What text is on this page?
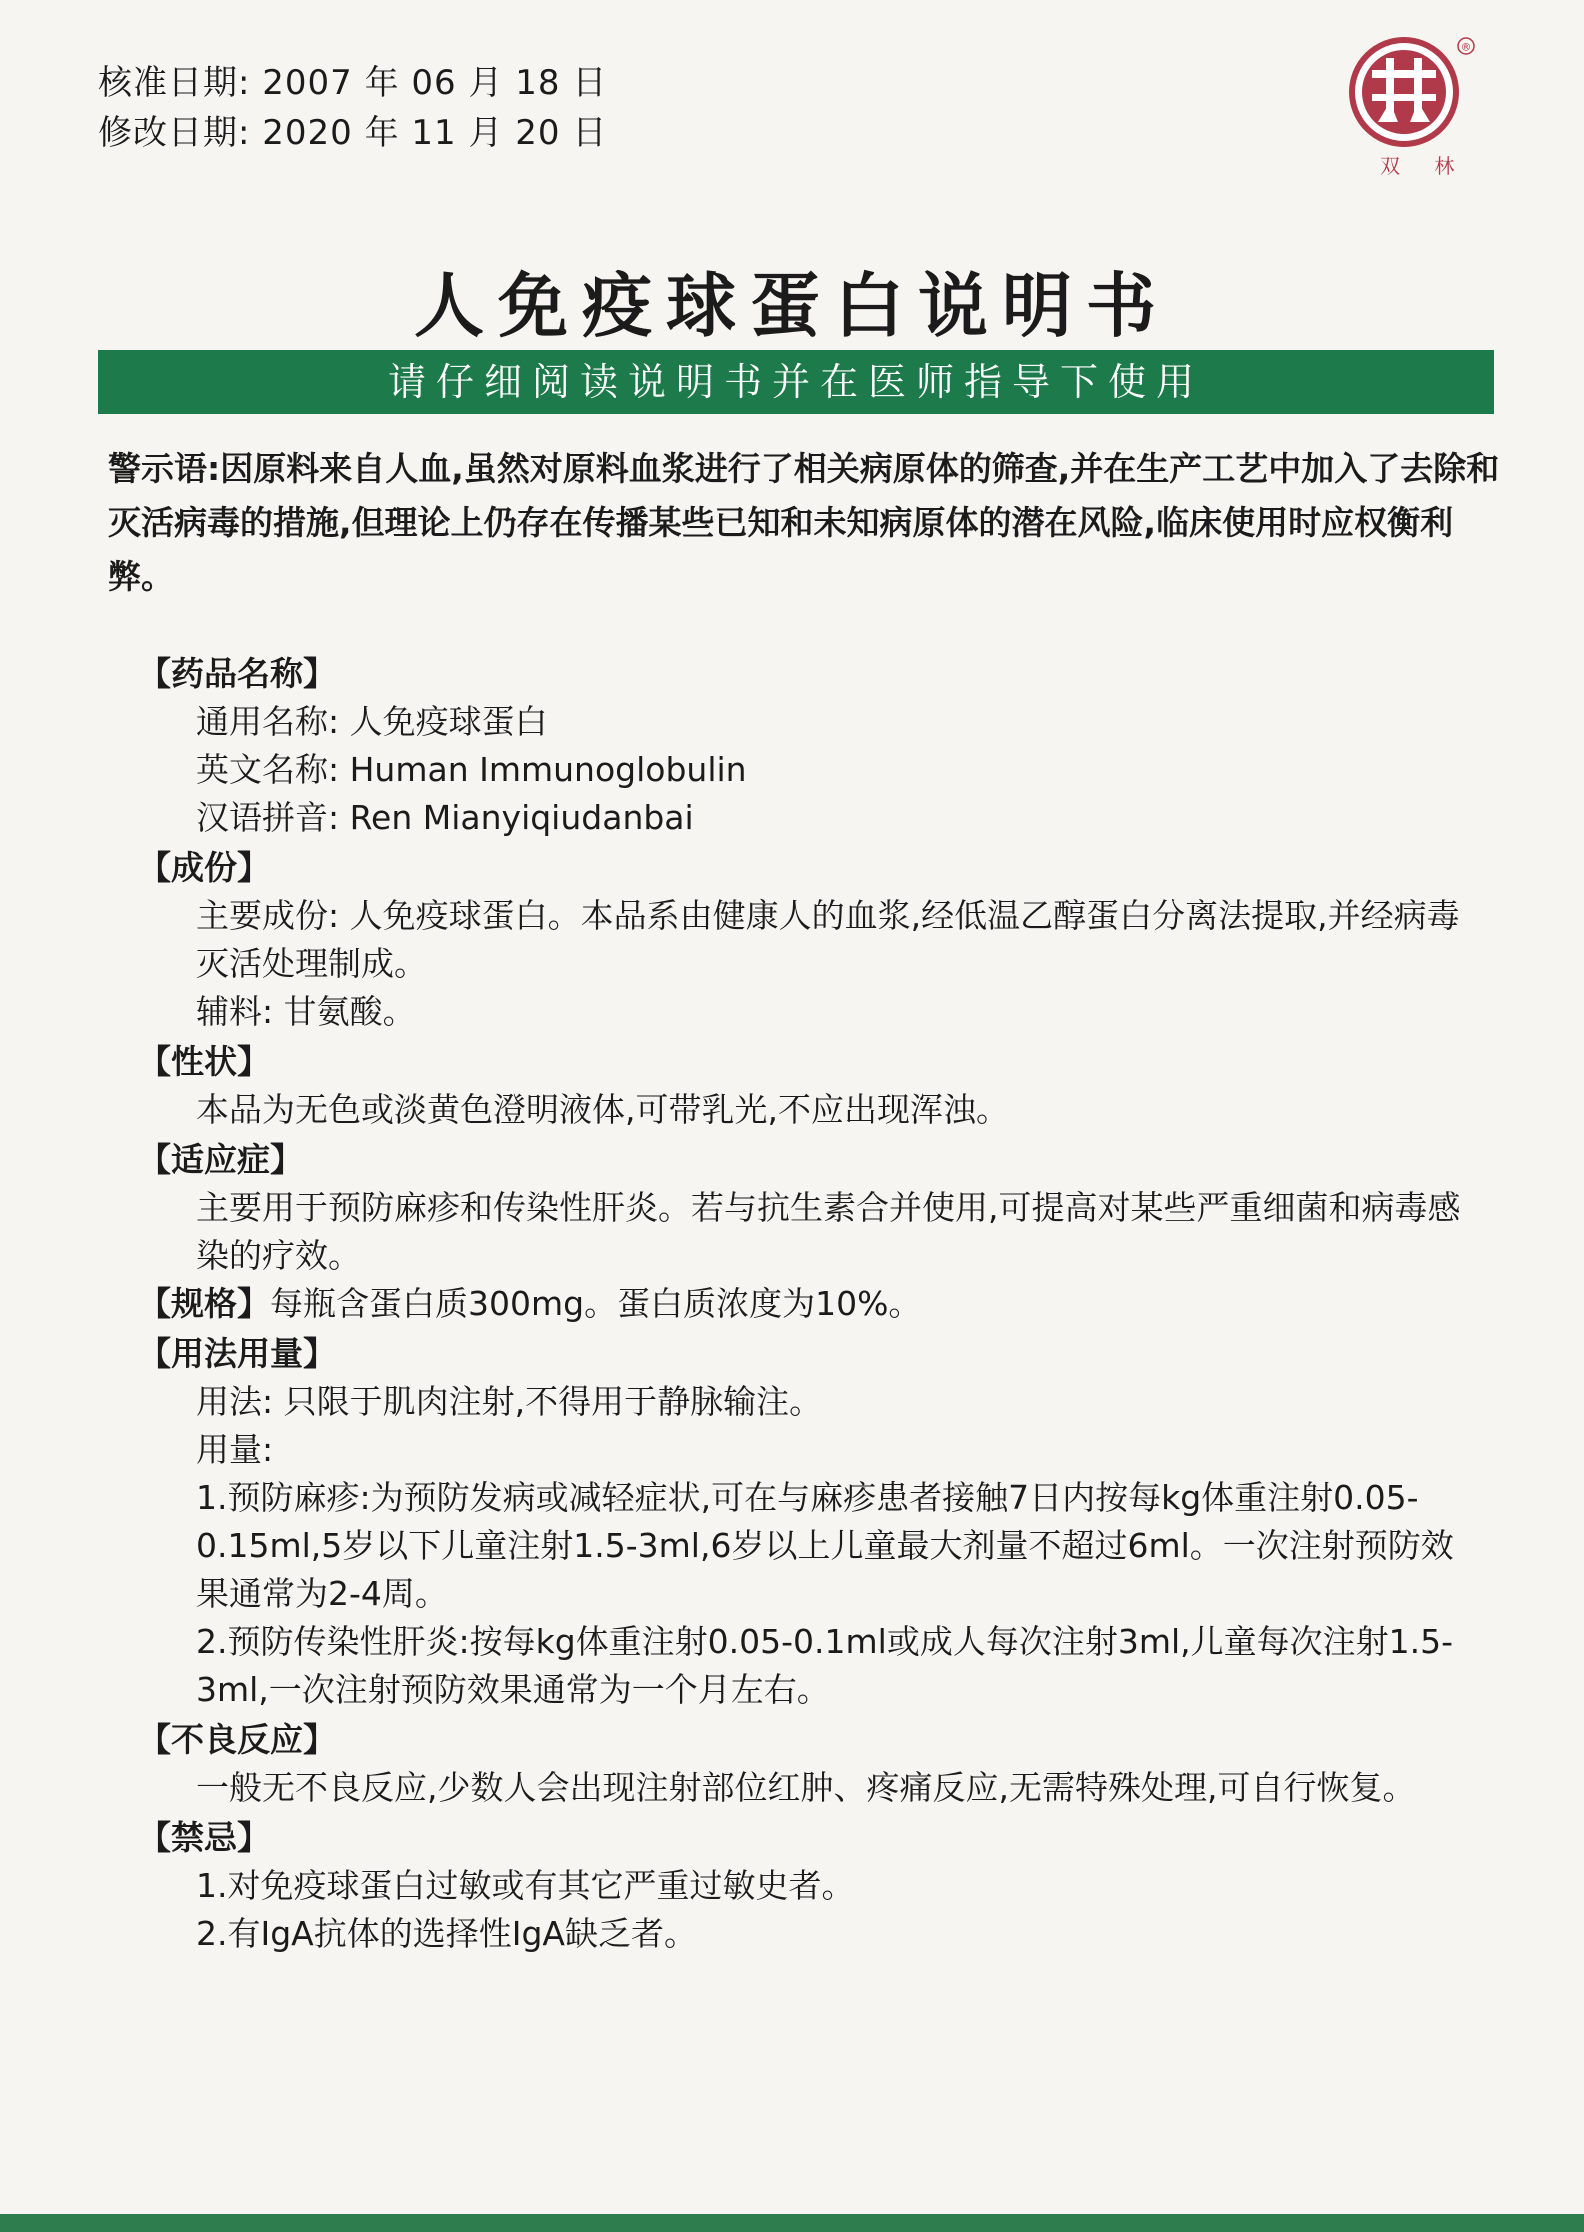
核准日期: 2007 年 06 月 18 日
修改日期: 2020 年 11 月 20 日
®
双 林
人免疫球蛋白说明书
请仔细阅读说明书并在医师指导下使用
警示语:因原料来自人血,虽然对原料血浆进行了相关病原体的筛查,并在生产工艺中加入了去除和灭活病毒的措施,但理论上仍存在传播某些已知和未知病原体的潜在风险,临床使用时应权衡利弊。
【药品名称】
通用名称: 人免疫球蛋白
英文名称: Human Immunoglobulin
汉语拼音: Ren Mianyiqiudanbai
【成份】
主要成份: 人免疫球蛋白。本品系由健康人的血浆,经低温乙醇蛋白分离法提取,并经病毒灭活处理制成。
辅料: 甘氨酸。
【性状】
本品为无色或淡黄色澄明液体,可带乳光,不应出现浑浊。
【适应症】
主要用于预防麻疹和传染性肝炎。若与抗生素合并使用,可提高对某些严重细菌和病毒感染的疗效。
【规格】每瓶含蛋白质300mg。蛋白质浓度为10%。
【用法用量】
用法: 只限于肌肉注射,不得用于静脉输注。
用量:
1.预防麻疹:为预防发病或减轻症状,可在与麻疹患者接触7日内按每kg体重注射0.05-0.15ml,5岁以下儿童注射1.5-3ml,6岁以上儿童最大剂量不超过6ml。一次注射预防效果通常为2-4周。
2.预防传染性肝炎:按每kg体重注射0.05-0.1ml或成人每次注射3ml,儿童每次注射1.5-3ml,一次注射预防效果通常为一个月左右。
【不良反应】
一般无不良反应,少数人会出现注射部位红肿、疼痛反应,无需特殊处理,可自行恢复。
【禁忌】
1.对免疫球蛋白过敏或有其它严重过敏史者。
2.有IgA抗体的选择性IgA缺乏者。
